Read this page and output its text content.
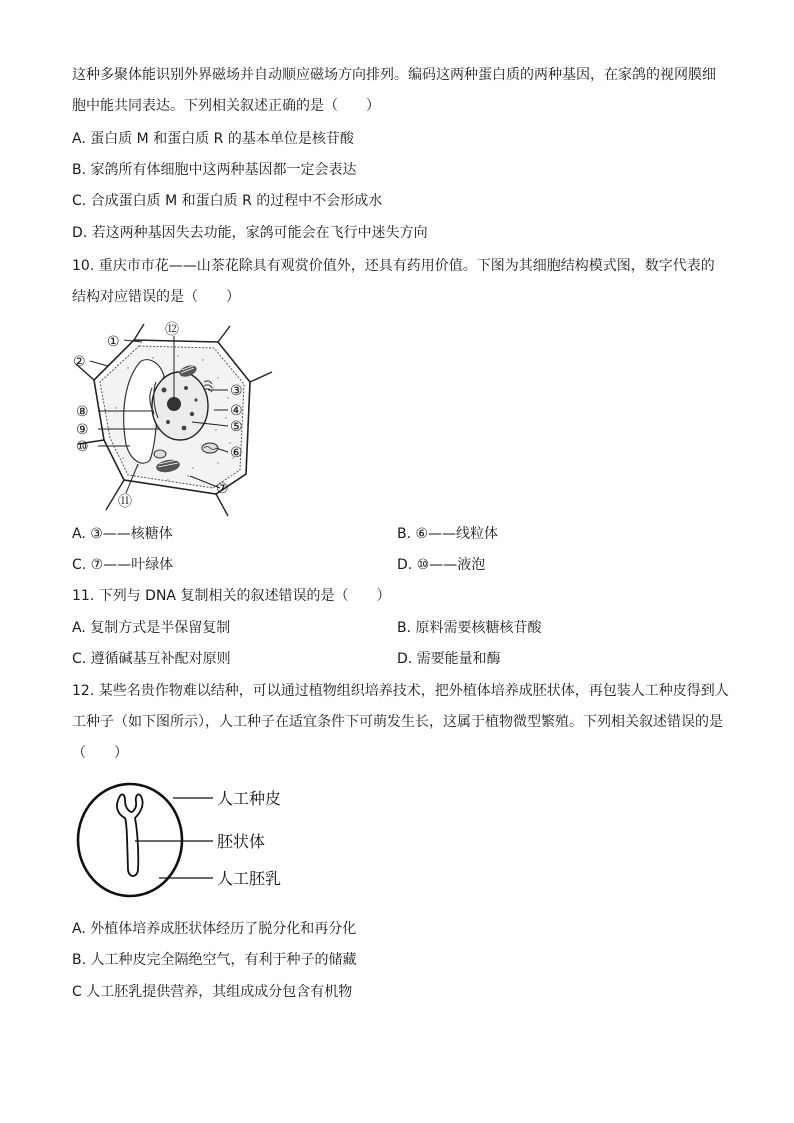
这种多聚体能识别外界磁场并自动顺应磁场方向排列。编码这两种蛋白质的两种基因，在家鸽的视网膜细
胞中能共同表达。下列相关叙述正确的是（　　）
A. 蛋白质 M 和蛋白质 R 的基本单位是核苷酸
B. 家鸽所有体细胞中这两种基因都一定会表达
C. 合成蛋白质 M 和蛋白质 R 的过程中不会形成水
D. 若这两种基因失去功能，家鸽可能会在飞行中迷失方向
10. 重庆市市花——山茶花除具有观赏价值外，还具有药用价值。下图为其细胞结构模式图，数字代表的
结构对应错误的是（　　）
①
②
⑫
③
④
⑤
⑥
⑦
⑧
⑨
⑩
⑪
A. ③——核糖体	B. ⑥——线粒体
C. ⑦——叶绿体	D. ⑩——液泡
11. 下列与 DNA 复制相关的叙述错误的是（　　）
A. 复制方式是半保留复制	B. 原料需要核糖核苷酸
C. 遵循碱基互补配对原则	D. 需要能量和酶
12. 某些名贵作物难以结种，可以通过植物组织培养技术，把外植体培养成胚状体，再包装人工种皮得到人
工种子（如下图所示），人工种子在适宜条件下可萌发生长，这属于植物微型繁殖。下列相关叙述错误的是
（　　）
人工种皮
胚状体
人工胚乳
A. 外植体培养成胚状体经历了脱分化和再分化
B. 人工种皮完全隔绝空气，有利于种子的储藏
C 人工胚乳提供营养，其组成成分包含有机物
